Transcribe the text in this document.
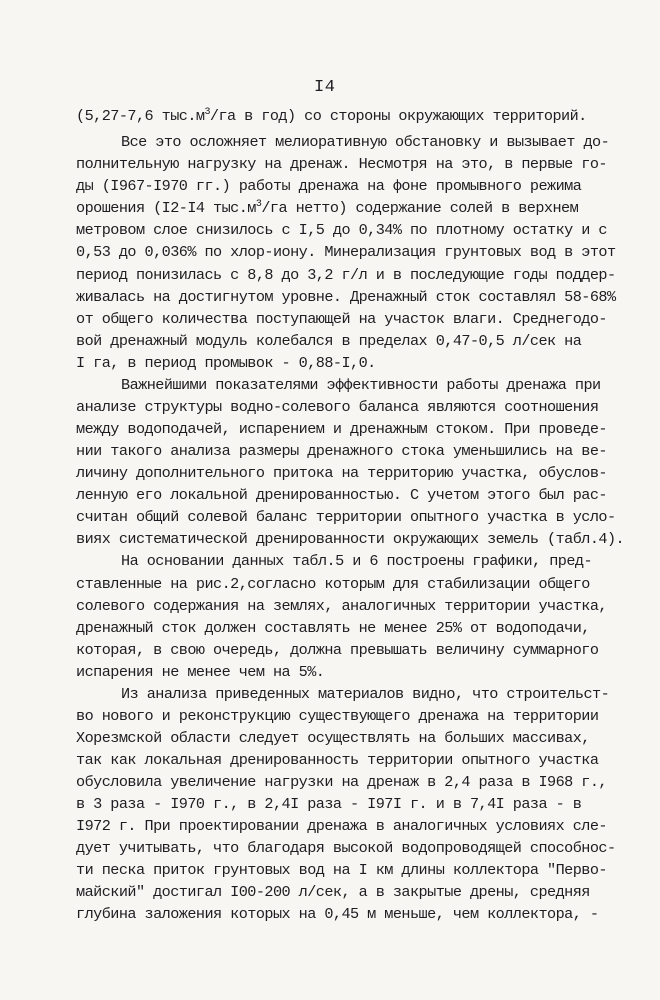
I4
(5,27-7,6 $тыс.м^3/га$ в год) со стороны окружающих территорий.
Все это осложняет мелиоративную обстановку и вызывает до-
полнительную нагрузку на дренаж. Несмотря на это, в первые го-
ды (I967-I970 гг.) работы дренажа на фоне промывного режима
орошения (I2-I4 $тыс.м^3/га$ нетто) содержание солей в верхнем
метровом слое снизилось с I,5 до 0,34% по плотному остатку и с
0,53 до 0,036% по хлор-иону. Минерализация грунтовых вод в этот
период понизилась с 8,8 до 3,2 г/л и в последующие годы поддер-
живалась на достигнутом уровне. Дренажный сток составлял 58-68%
от общего количества поступающей на участок влаги. Среднегодо-
вой дренажный модуль колебался в пределах 0,47-0,5 л/сек на
I га, в период промывок - 0,88-I,0.
Важнейшими показателями эффективности работы дренажа при
анализе структуры водно-солевого баланса являются соотношения
между водоподачей, испарением и дренажным стоком. При проведе-
нии такого анализа размеры дренажного стока уменьшились на ве-
личину дополнительного притока на территорию участка, обуслов-
ленную его локальной дренированностью. С учетом этого был рас-
считан общий солевой баланс территории опытного участка в усло-
виях систематической дренированности окружающих земель (табл.4).
На основании данных табл.5 и 6 построены графики, пред-
ставленные на рис.2,согласно которым для стабилизации общего
солевого содержания на землях, аналогичных территории участка,
дренажный сток должен составлять не менее 25% от водоподачи,
которая, в свою очередь, должна превышать величину суммарного
испарения не менее чем на 5%.
Из анализа приведенных материалов видно, что строительст-
во нового и реконструкцию существующего дренажа на территории
Хорезмской области следует осуществлять на больших массивах,
так как локальная дренированность территории опытного участка
обусловила увеличение нагрузки на дренаж в 2,4 раза в I968 г.,
в 3 раза - I970 г., в 2,4I раза - I97I г. и в 7,4I раза - в
I972 г. При проектировании дренажа в аналогичных условиях сле-
дует учитывать, что благодаря высокой водопроводящей способнос-
ти песка приток грунтовых вод на I км длины коллектора "Перво-
майский" достигал I00-200 л/сек, а в закрытые дрены, средняя
глубина заложения которых на 0,45 м меньше, чем коллектора, -
